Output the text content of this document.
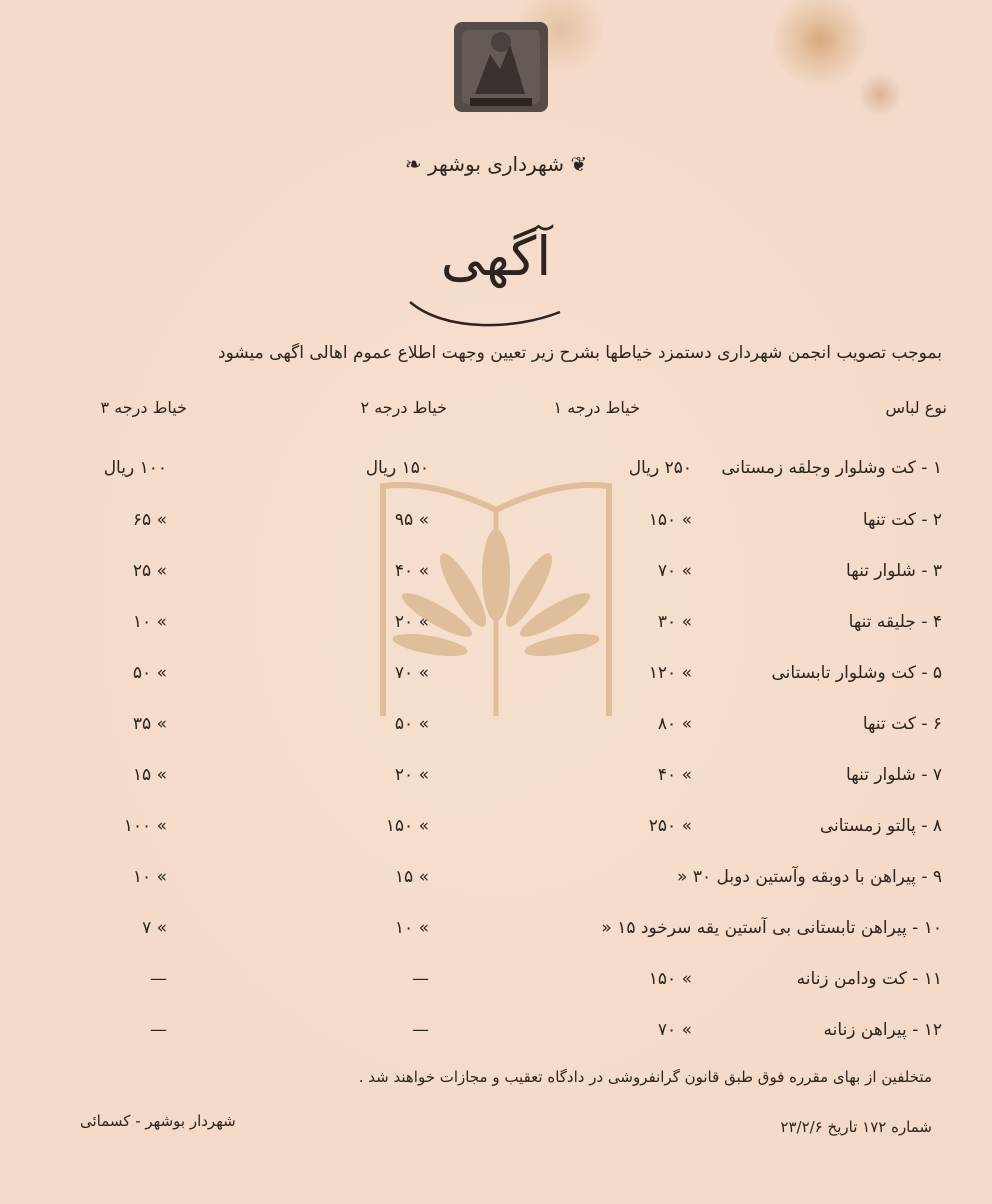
❦ شهرداری بوشهر ❧
آگهی
بموجب تصویب انجمن شهرداری دستمزد خیاطها بشرح زیر تعیین وجهت اطلاع عموم اهالی اگهی میشود
نوع لباس
خیاط درجه ۱
خیاط درجه ۲
خیاط درجه ۳
۱ - کت وشلوار وجلقه زمستانی
۲۵۰ ریال
۱۵۰ ریال
۱۰۰ ریال
۲ - کت تنها
۱۵۰ «
۹۵ «
۶۵ «
۳ - شلوار تنها
۷۰ «
۴۰ «
۲۵ «
۴ - جلیقه تنها
۳۰ «
۲۰ «
۱۰ «
۵ - کت وشلوار تابستانی
۱۲۰ «
۷۰ «
۵۰ «
۶ - کت تنها
۸۰ «
۵۰ «
۳۵ «
۷ - شلوار تنها
۴۰ «
۲۰ «
۱۵ «
۸ - پالتو زمستانی
۲۵۰ «
۱۵۰ «
۱۰۰ «
۹ - پیراهن با دوبقه وآستین دوبل ۳۰ «
۱۵ «
۱۰ «
۱۰ - پیراهن تابستانی بی آستین یقه سرخود ۱۵ «
۱۰ «
۷ «
۱۱ - کت ودامن زنانه
۱۵۰ «
—
—
۱۲ - پیراهن زنانه
۷۰ «
—
—
متخلفین از بهای مقرره فوق طبق قانون گرانفروشی در دادگاه تعقیب و مجازات خواهند شد .
شماره ۱۷۲ تاریخ ۲۳/۲/۶
شهردار بوشهر - کسمائی
